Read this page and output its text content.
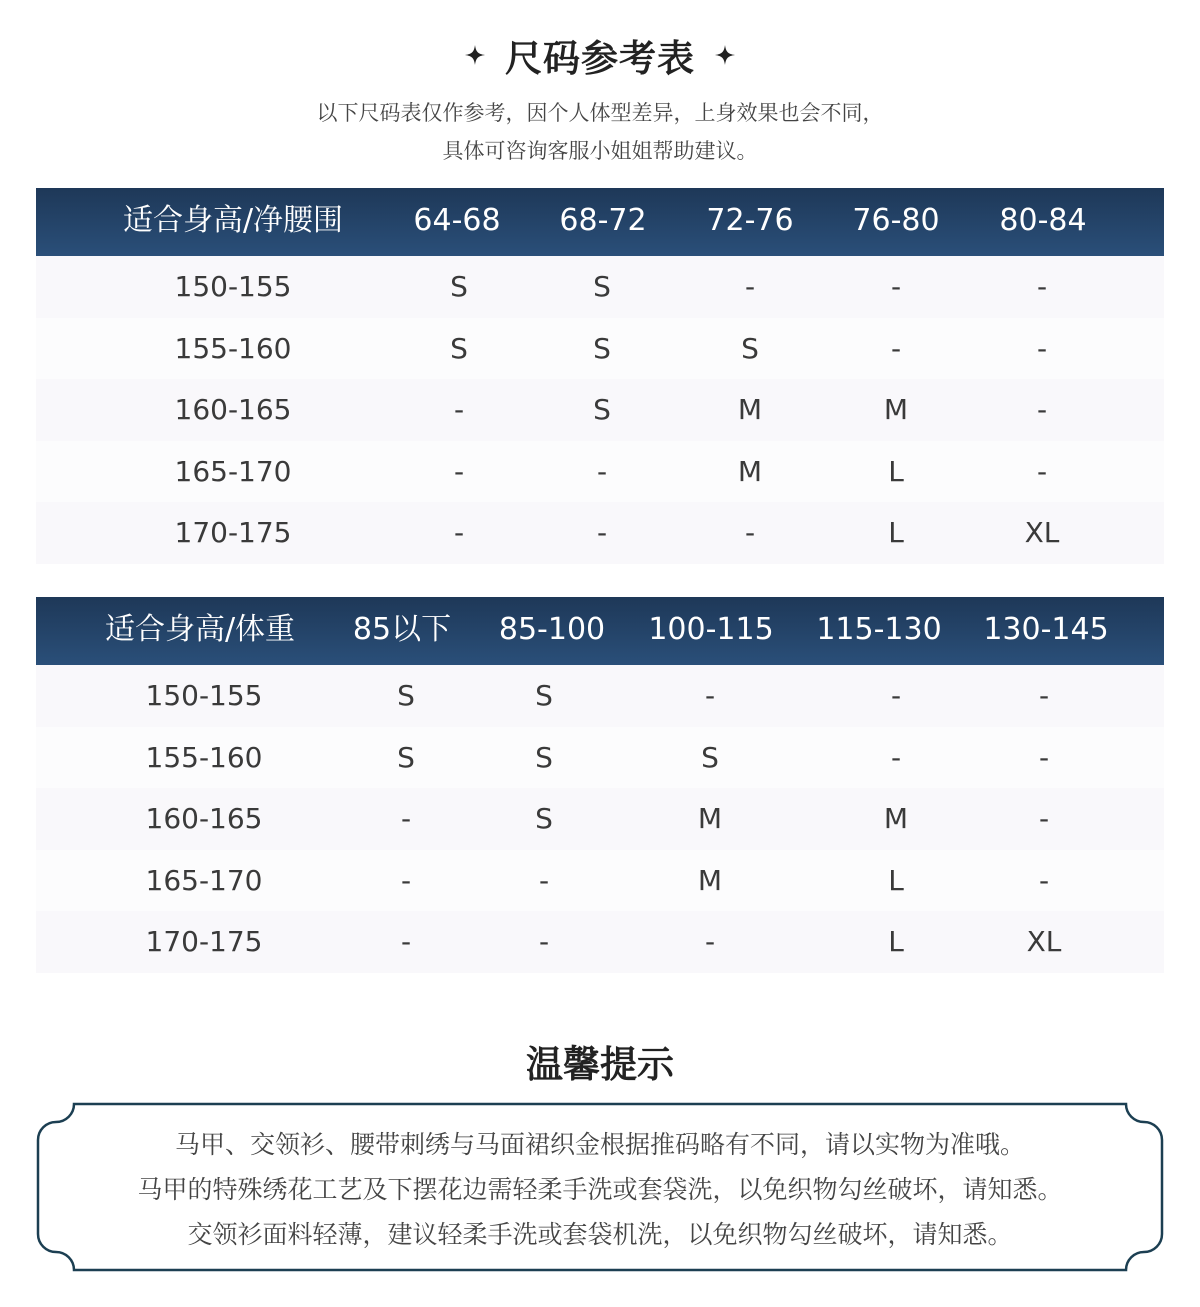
尺码参考表
以下尺码表仅作参考，因个人体型差异，上身效果也会不同，
具体可咨询客服小姐姐帮助建议。
适合身高/净腰围 64-68 68-72 72-76 76-80 80-84
150-155	S	S	-	-	-
155-160	S	S	S	-	-
160-165	-	S	M	M	-
165-170	-	-	M	L	-
170-175	-	-	-	L	XL
适合身高/体重 85以下 85-100 100-115 115-130 130-145
150-155	S	S	-	-	-
155-160	S	S	S	-	-
160-165	-	S	M	M	-
165-170	-	-	M	L	-
170-175	-	-	-	L	XL
温馨提示
马甲、交领衫、腰带刺绣与马面裙织金根据推码略有不同，请以实物为准哦。
马甲的特殊绣花工艺及下摆花边需轻柔手洗或套袋洗，以免织物勾丝破坏，请知悉。
交领衫面料轻薄，建议轻柔手洗或套袋机洗，以免织物勾丝破坏，请知悉。
